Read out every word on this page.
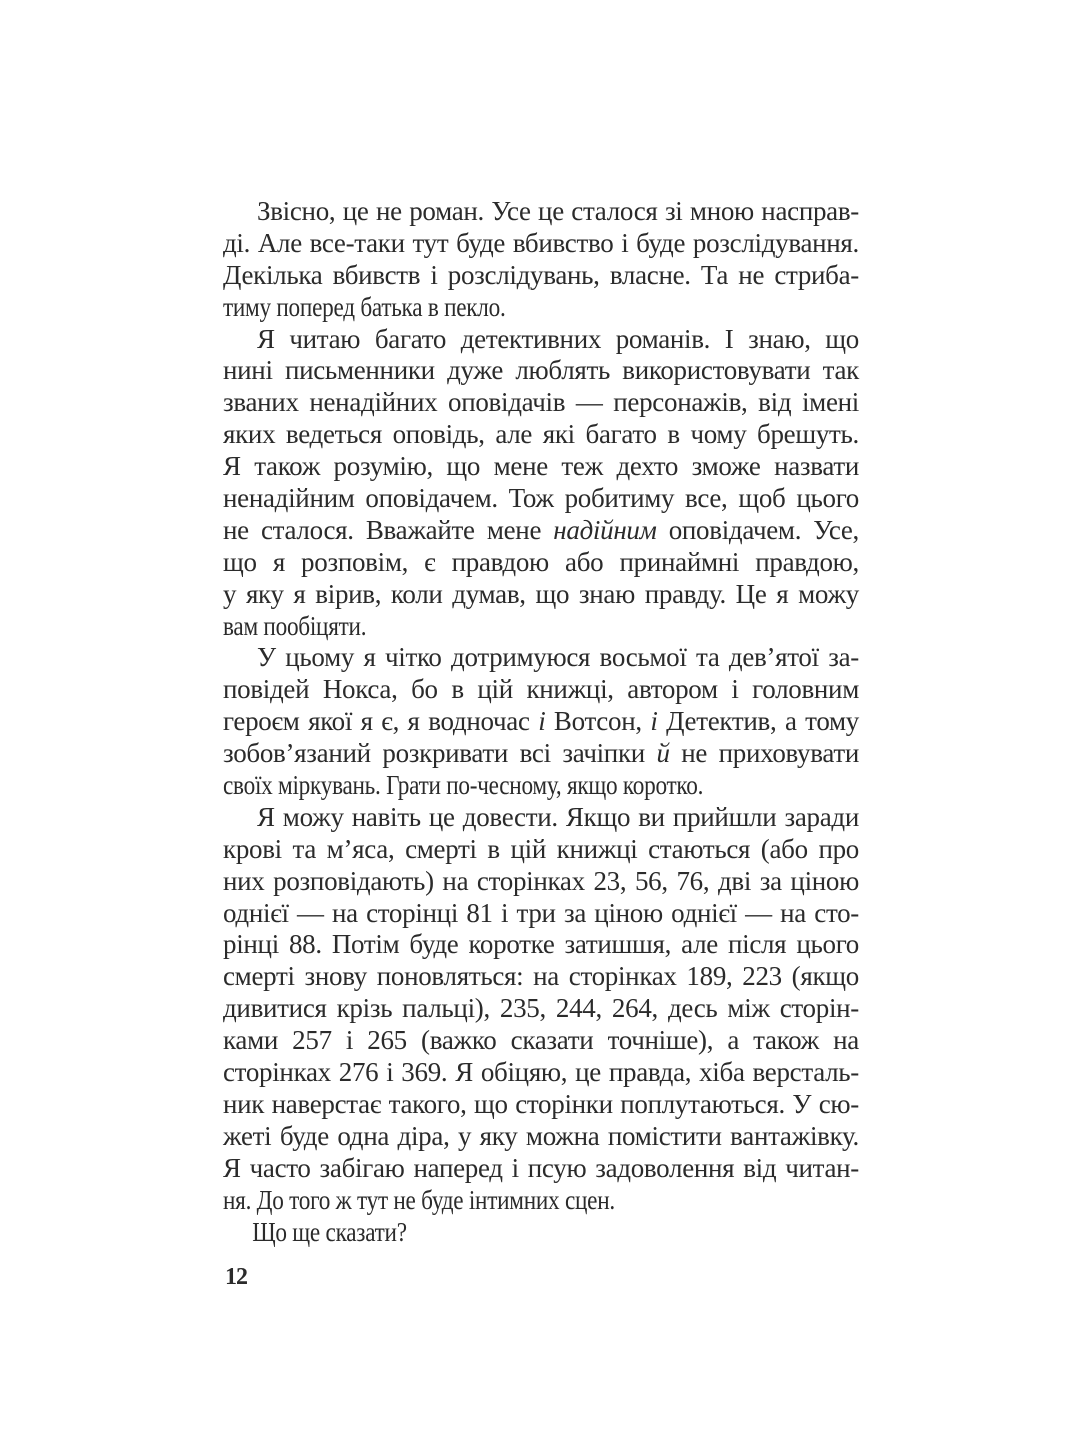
Звісно, це не роман. Усе це сталося зі мною насправ-
ді. Але все-таки тут буде вбивство і буде розслідування.
Декілька вбивств і розслідувань, власне. Та не стриба-
тиму поперед батька в пекло.
Я читаю багато детективних романів. І знаю, що
нині письменники дуже люблять використовувати так
званих ненадійних оповідачів — персонажів, від імені
яких ведеться оповідь, але які багато в чому брешуть.
Я також розумію, що мене теж дехто зможе назвати
ненадійним оповідачем. Тож робитиму все, щоб цього
не сталося. Вважайте мене надійним оповідачем. Усе,
що я розповім, є правдою або принаймні правдою,
у яку я вірив, коли думав, що знаю правду. Це я можу
вам пообіцяти.
У цьому я чітко дотримуюся восьмої та дев’ятої за-
повідей Нокса, бо в цій книжці, автором і головним
героєм якої я є, я водночас і Вотсон, і Детектив, а тому
зобов’язаний розкривати всі зачіпки й не приховувати
своїх міркувань. Грати по-чесному, якщо коротко.
Я можу навіть це довести. Якщо ви прийшли заради
крові та м’яса, смерті в цій книжці стаються (або про
них розповідають) на сторінках 23, 56, 76, дві за ціною
однієї — на сторінці 81 і три за ціною однієї — на сто-
рінці 88. Потім буде коротке затишшя, але після цього
смерті знову поновляться: на сторінках 189, 223 (якщо
дивитися крізь пальці), 235, 244, 264, десь між сторін-
ками 257 і 265 (важко сказати точніше), а також на
сторінках 276 і 369. Я обіцяю, це правда, хіба версталь-
ник наверстає такого, що сторінки поплутаються. У сю-
жеті буде одна діра, у яку можна помістити вантажівку.
Я часто забігаю наперед і псую задоволення від читан-
ня. До того ж тут не буде інтимних сцен.
Що ще сказати?
12
